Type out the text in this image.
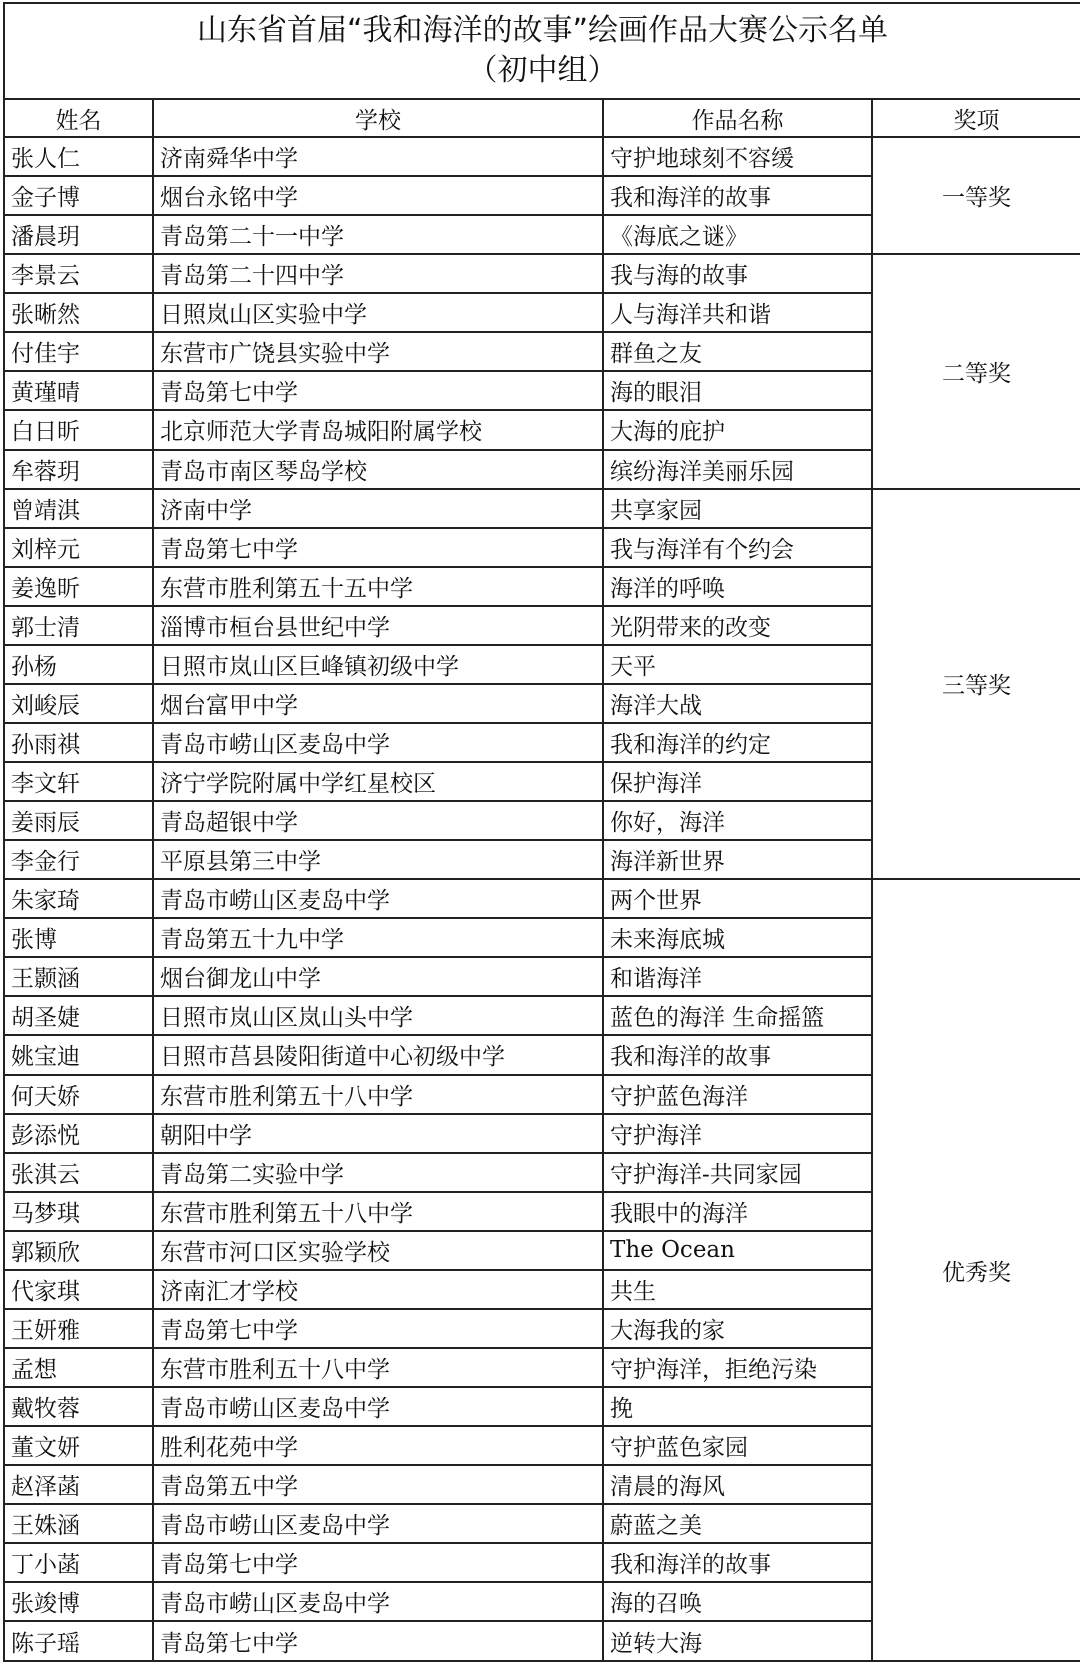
山东省首届“我和海洋的故事”绘画作品大赛公示名单
（初中组）			

姓名	学校	作品名称	奖项
张人仁	济南舜华中学	守护地球刻不容缓	一等奖
金子博	烟台永铭中学	我和海洋的故事	
潘晨玥	青岛第二十一中学	《海底之谜》	
李景云	青岛第二十四中学	我与海的故事	二等奖
张晰然	日照岚山区实验中学	人与海洋共和谐	
付佳宇	东营市广饶县实验中学	群鱼之友	
黄瑾晴	青岛第七中学	海的眼泪	
白日昕	北京师范大学青岛城阳附属学校	大海的庇护	
牟蓉玥	青岛市南区琴岛学校	缤纷海洋美丽乐园	
曾靖淇	济南中学	共享家园	三等奖
刘梓元	青岛第七中学	我与海洋有个约会	
姜逸昕	东营市胜利第五十五中学	海洋的呼唤	
郭士清	淄博市桓台县世纪中学	光阴带来的改变	
孙杨	日照市岚山区巨峰镇初级中学	天平	
刘峻辰	烟台富甲中学	海洋大战	
孙雨祺	青岛市崂山区麦岛中学	我和海洋的约定	
李文轩	济宁学院附属中学红星校区	保护海洋	
姜雨辰	青岛超银中学	你好，海洋	
李金行	平原县第三中学	海洋新世界	
朱家琦	青岛市崂山区麦岛中学	两个世界	优秀奖
张博	青岛第五十九中学	未来海底城	
王颢涵	烟台御龙山中学	和谐海洋	
胡圣婕	日照市岚山区岚山头中学	蓝色的海洋 生命摇篮	
姚宝迪	日照市莒县陵阳街道中心初级中学	我和海洋的故事	
何天娇	东营市胜利第五十八中学	守护蓝色海洋	
彭添悦	朝阳中学	守护海洋	
张淇云	青岛第二实验中学	守护海洋-共同家园	
马梦琪	东营市胜利第五十八中学	我眼中的海洋	
郭颖欣	东营市河口区实验学校	The Ocean	
代家琪	济南汇才学校	共生	
王妍雅	青岛第七中学	大海我的家	
孟想	东营市胜利五十八中学	守护海洋，拒绝污染	
戴牧蓉	青岛市崂山区麦岛中学	挽	
董文妍	胜利花苑中学	守护蓝色家园	
赵泽菡	青岛第五中学	清晨的海风	
王姝涵	青岛市崂山区麦岛中学	蔚蓝之美	
丁小菡	青岛第七中学	我和海洋的故事	
张竣博	青岛市崂山区麦岛中学	海的召唤	
陈子瑶	青岛第七中学	逆转大海	
